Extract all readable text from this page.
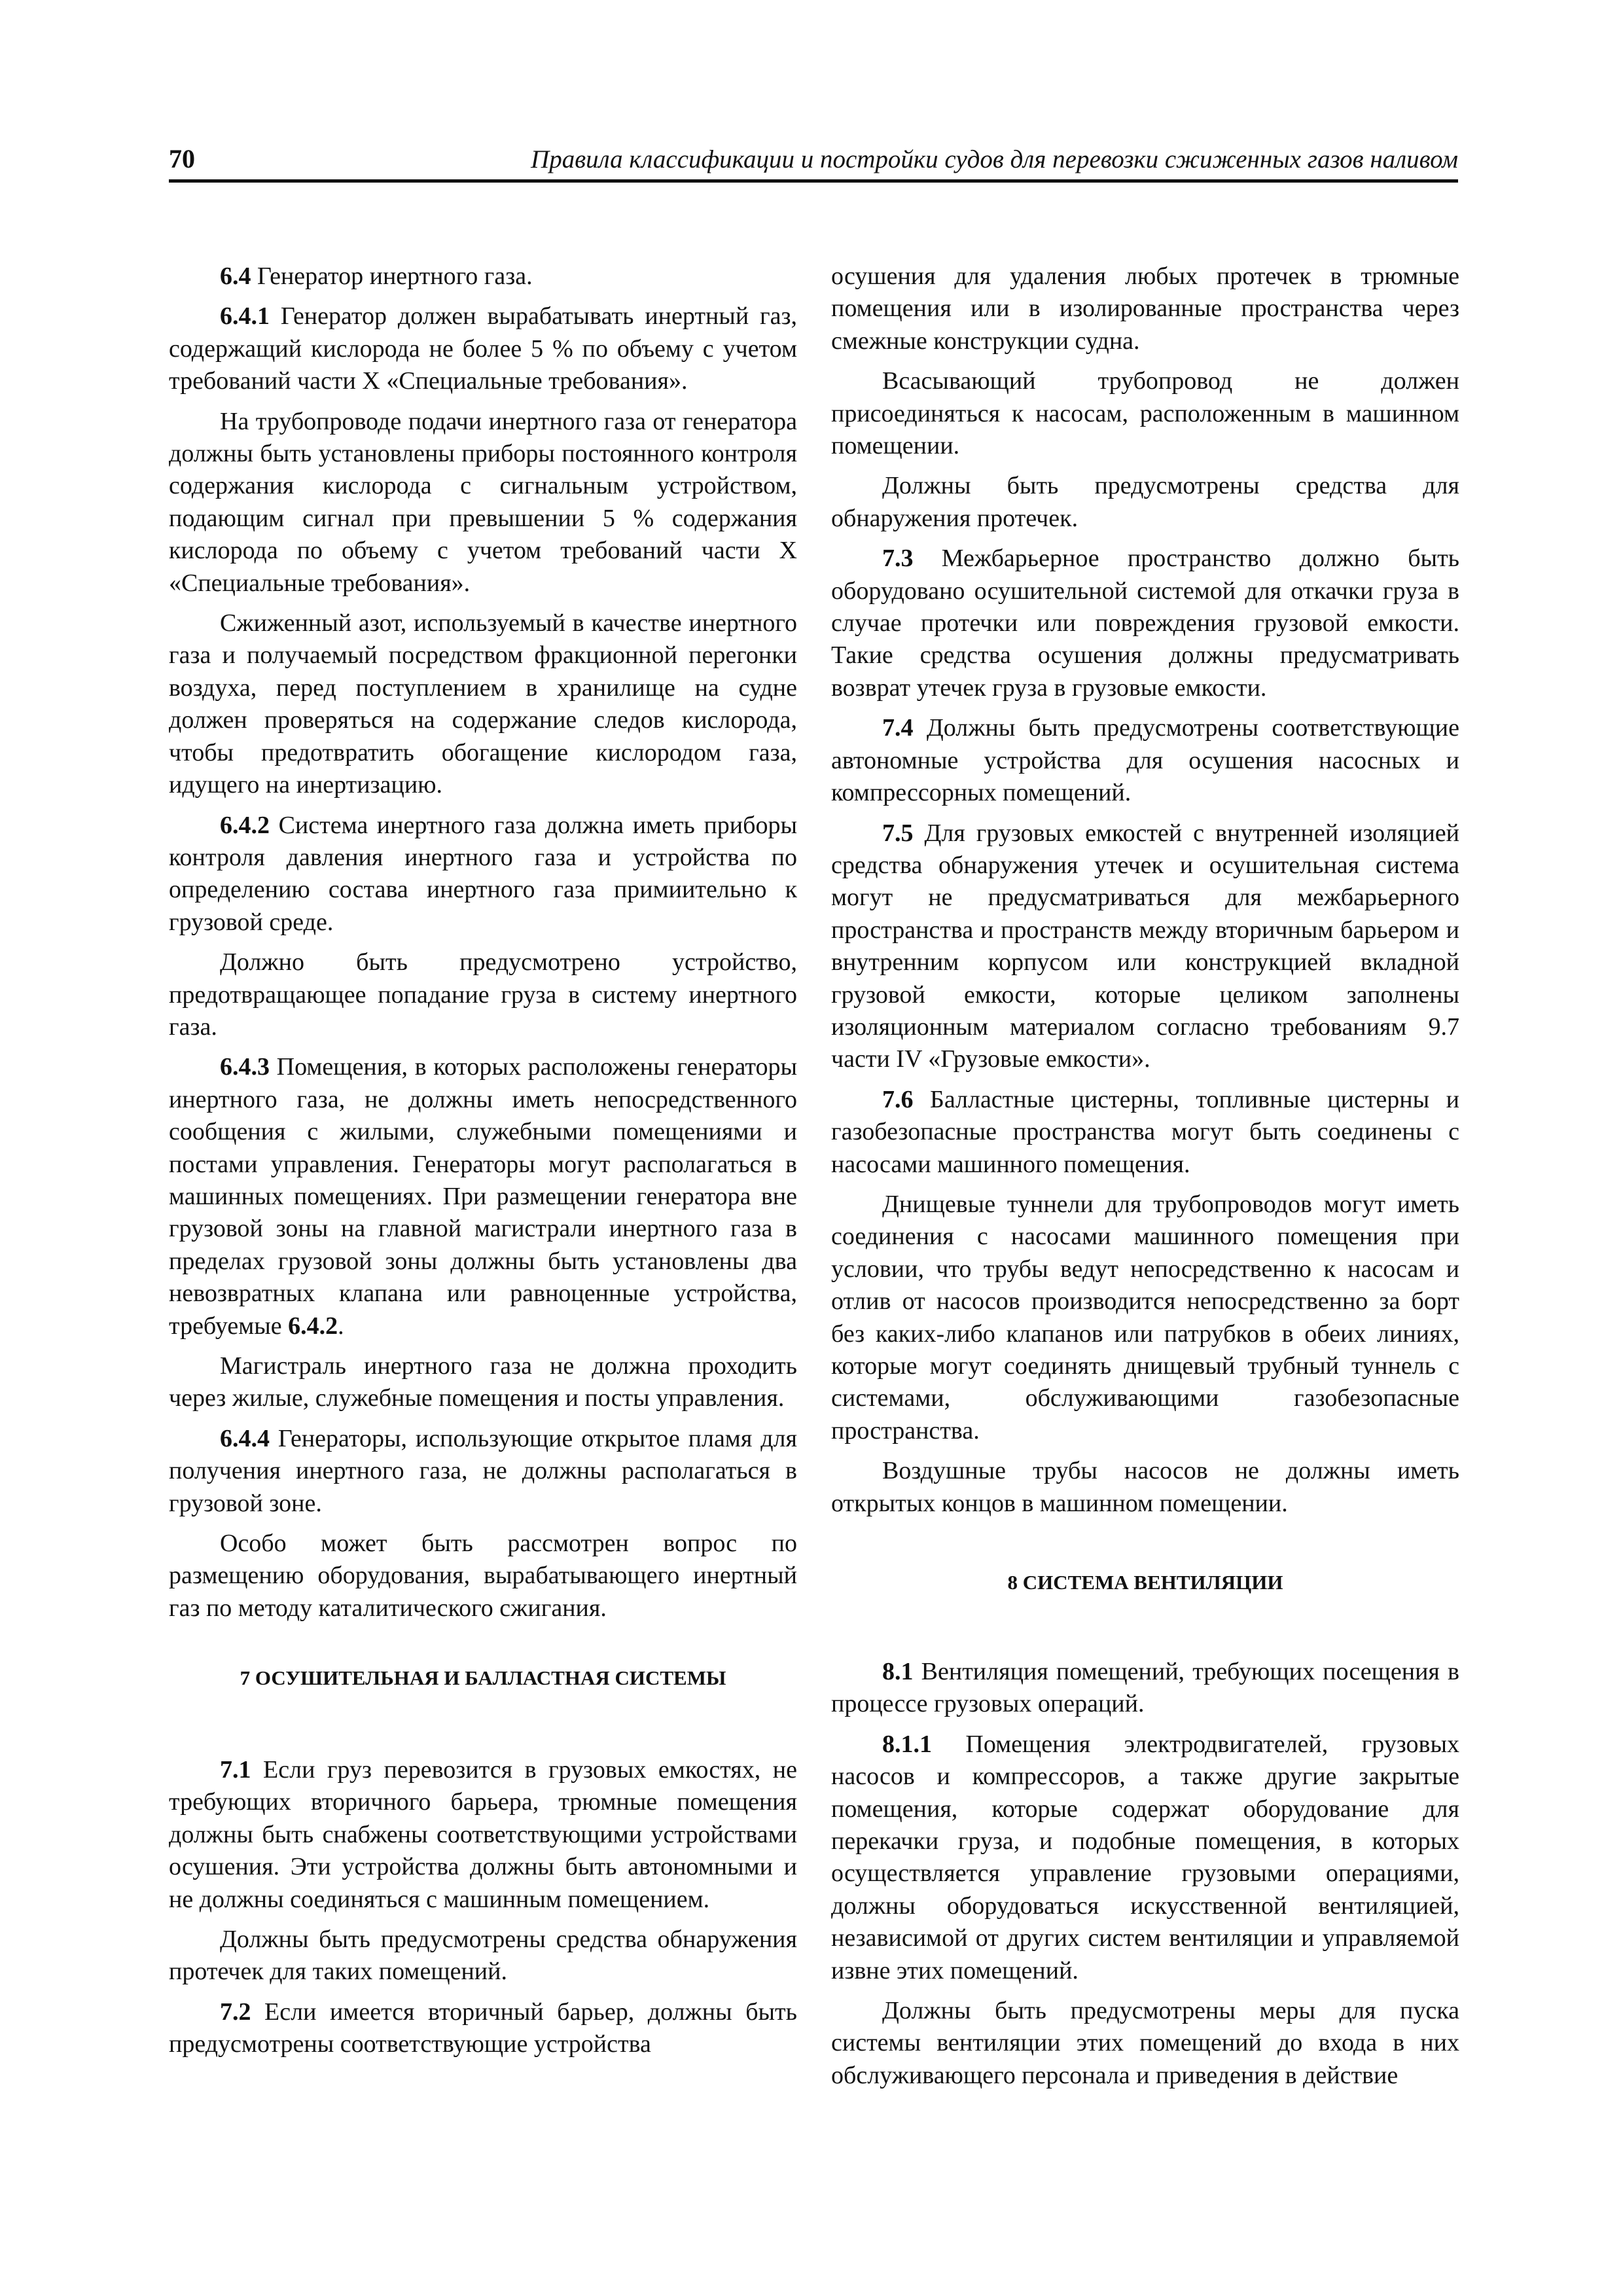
70	Правила классификации и постройки судов для перевозки сжиженных газов наливом

6.4 Генератор инертного газа.

6.4.1 Генератор должен вырабатывать инертный газ, содержащий кислорода не более 5 % по объему с учетом требований части X «Специальные требования».

На трубопроводе подачи инертного газа от генератора должны быть установлены приборы постоянного контроля содержания кислорода с сигнальным устройством, подающим сигнал при превышении 5 % содержания кислорода по объему с учетом требований части X «Специальные требования».

Сжиженный азот, используемый в качестве инертного газа и получаемый посредством фракционной перегонки воздуха, перед поступлением в хранилище на судне должен проверяться на содержание следов кислорода, чтобы предотвратить обогащение кислородом газа, идущего на инертизацию.

6.4.2 Система инертного газа должна иметь приборы контроля давления инертного газа и устройства по определению состава инертного газа примиительно к грузовой среде.

Должно быть предусмотрено устройство, предотвращающее попадание груза в систему инертного газа.

6.4.3 Помещения, в которых расположены генераторы инертного газа, не должны иметь непосредственного сообщения с жилыми, служебными помещениями и постами управления. Генераторы могут располагаться в машинных помещениях. При размещении генератора вне грузовой зоны на главной магистрали инертного газа в пределах грузовой зоны должны быть установлены два невозвратных клапана или равноценные устройства, требуемые 6.4.2.

Магистраль инертного газа не должна проходить через жилые, служебные помещения и посты управления.

6.4.4 Генераторы, использующие открытое пламя для получения инертного газа, не должны располагаться в грузовой зоне.

Особо может быть рассмотрен вопрос по размещению оборудования, вырабатывающего инертный газ по методу каталитического сжигания.

7 ОСУШИТЕЛЬНАЯ И БАЛЛАСТНАЯ СИСТЕМЫ

7.1 Если груз перевозится в грузовых емкостях, не требующих вторичного барьера, трюмные помещения должны быть снабжены соответствующими устройствами осушения. Эти устройства должны быть автономными и не должны соединяться с машинным помещением.

Должны быть предусмотрены средства обнаружения протечек для таких помещений.

7.2 Если имеется вторичный барьер, должны быть предусмотрены соответствующие устройства

осушения для удаления любых протечек в трюмные помещения или в изолированные пространства через смежные конструкции судна.

Всасывающий трубопровод не должен присоединяться к насосам, расположенным в машинном помещении.

Должны быть предусмотрены средства для обнаружения протечек.

7.3 Межбарьерное пространство должно быть оборудовано осушительной системой для откачки груза в случае протечки или повреждения грузовой емкости. Такие средства осушения должны предусматривать возврат утечек груза в грузовые емкости.

7.4 Должны быть предусмотрены соответствующие автономные устройства для осушения насосных и компрессорных помещений.

7.5 Для грузовых емкостей с внутренней изоляцией средства обнаружения утечек и осушительная система могут не предусматриваться для межбарьерного пространства и пространств между вторичным барьером и внутренним корпусом или конструкцией вкладной грузовой емкости, которые целиком заполнены изоляционным материалом согласно требованиям 9.7 части IV «Грузовые емкости».

7.6 Балластные цистерны, топливные цистерны и газобезопасные пространства могут быть соединены с насосами машинного помещения.

Днищевые туннели для трубопроводов могут иметь соединения с насосами машинного помещения при условии, что трубы ведут непосредственно к насосам и отлив от насосов производится непосредственно за борт без каких-либо клапанов или патрубков в обеих линиях, которые могут соединять днищевый трубный туннель с системами, обслуживающими газобезопасные пространства.

Воздушные трубы насосов не должны иметь открытых концов в машинном помещении.

8 СИСТЕМА ВЕНТИЛЯЦИИ

8.1 Вентиляция помещений, требующих посещения в процессе грузовых операций.

8.1.1 Помещения электродвигателей, грузовых насосов и компрессоров, а также другие закрытые помещения, которые содержат оборудование для перекачки груза, и подобные помещения, в которых осуществляется управление грузовыми операциями, должны оборудоваться искусственной вентиляцией, независимой от других систем вентиляции и управляемой извне этих помещений.

Должны быть предусмотрены меры для пуска системы вентиляции этих помещений до входа в них обслуживающего персонала и приведения в действие
